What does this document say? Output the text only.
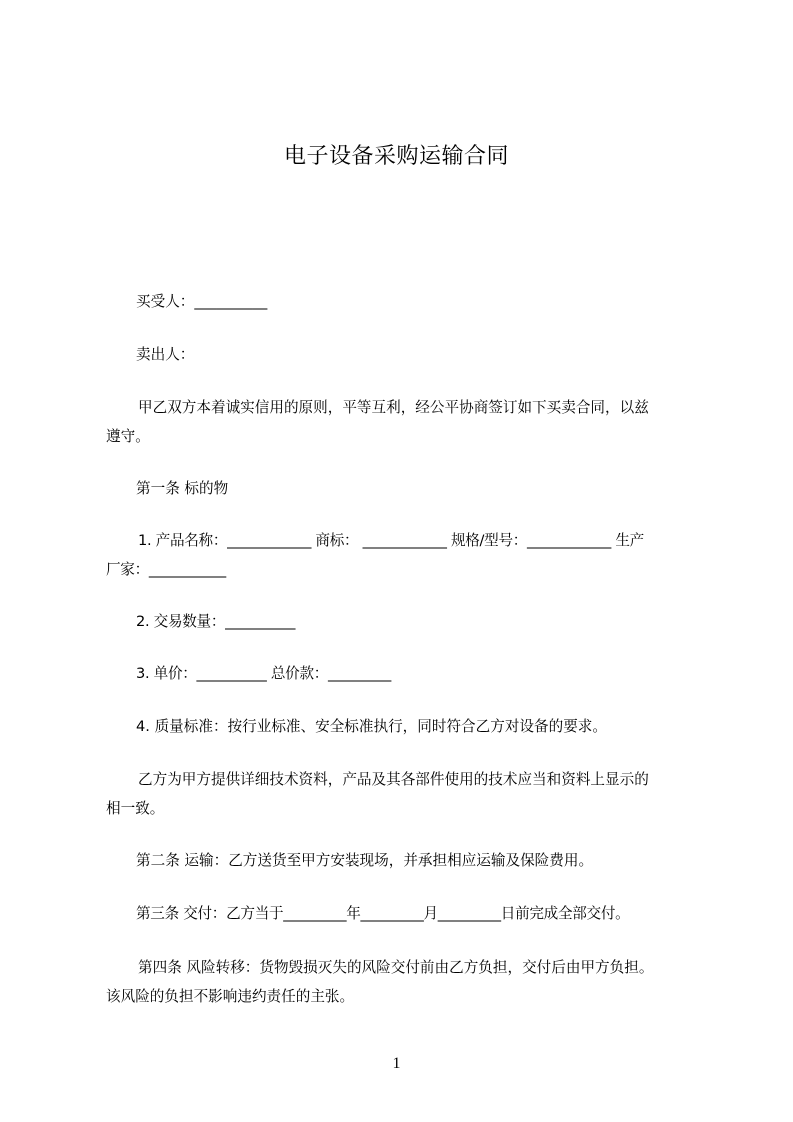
电子设备采购运输合同
买受人：__________
卖出人：
甲乙双方本着诚实信用的原则，平等互利，经公平协商签订如下买卖合同，以兹
遵守。
第一条 标的物
1. 产品名称：____________ 商标： ____________ 规格/型号：____________ 生产
厂家：___________
2. 交易数量：__________
3. 单价：__________ 总价款：_________
4. 质量标准：按行业标准、安全标准执行，同时符合乙方对设备的要求。
乙方为甲方提供详细技术资料，产品及其各部件使用的技术应当和资料上显示的
相一致。
第二条 运输：乙方送货至甲方安装现场，并承担相应运输及保险费用。
第三条 交付：乙方当于_________年_________月_________日前完成全部交付。
第四条 风险转移：货物毁损灭失的风险交付前由乙方负担，交付后由甲方负担。
该风险的负担不影响违约责任的主张。
1
